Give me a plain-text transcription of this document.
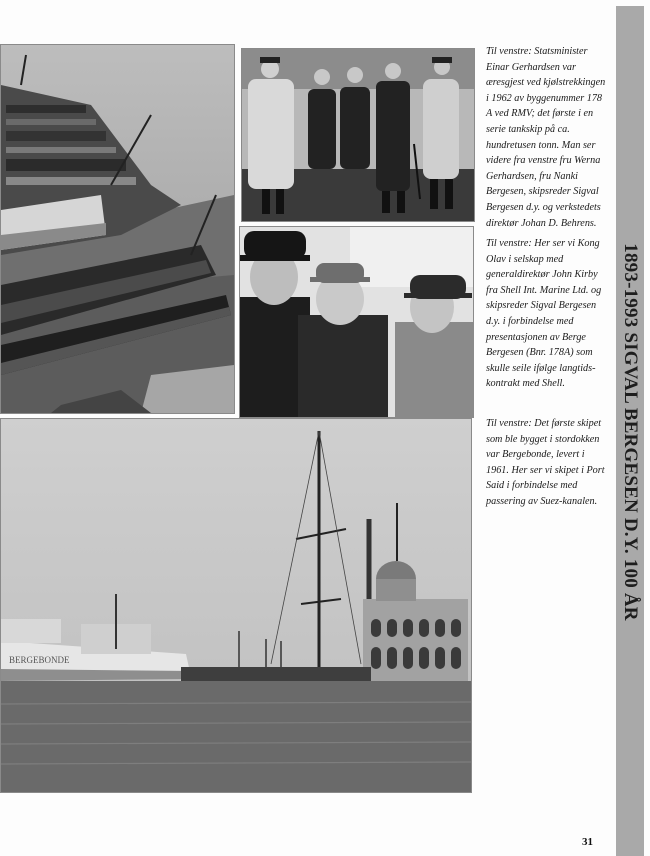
BERGEBONDE

Til venstre: Statsminister Einar Gerhardsen var æresgjest ved kjølstrekkingen i 1962 av byggenummer 178 A ved RMV; det første i en serie tankskip på ca. hundretusen tonn. Man ser videre fra venstre fru Werna Gerhardsen, fru Nanki Bergesen, skipsreder Sigval Bergesen d.y. og verkstedets direktør Johan D. Behrens.

Til venstre: Her ser vi Kong Olav i selskap med generaldirektør John Kirby fra Shell Int. Marine Ltd. og skipsreder Sigval Bergesen d.y. i forbindelse med presentasjonen av Berge Bergesen (Bnr. 178A) som skulle seile ifølge langtids-kontrakt med Shell.

Til venstre: Det første skipet som ble bygget i stordokken var Bergebonde, levert i 1961. Her ser vi skipet i Port Said i forbindelse med passering av Suez-kanalen.	1893-1993 SIGVAL BERGESEN D.Y. 100 ÅR
31
